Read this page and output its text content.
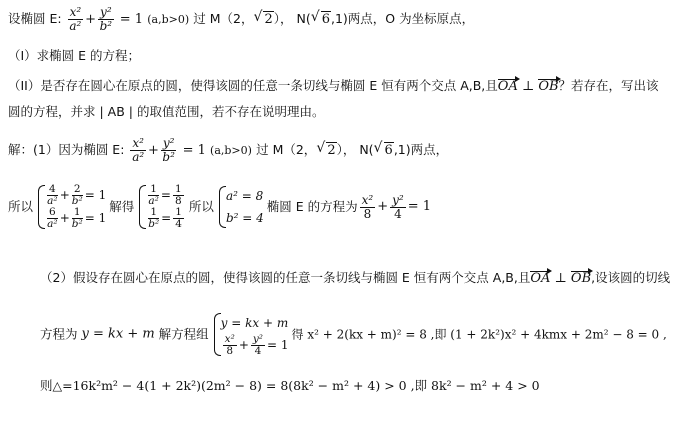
设椭圆 E: $\frac{\text{x²}}{\text{a²}} + \frac{\text{y²}}{\text{b²}} = 1$ (a,b>0) 过 M（2， √ 2）， N( √ 6,1)两点，O 为坐标原点，
（I）求椭圆 E 的方程；
（II）是否存在圆心在原点的圆，使得该圆的任意一条切线与椭圆 E 恒有两个交点 A,B,且OA ⊥ OB？若存在，写出该
圆的方程，并求 | AB | 的取值范围，若不存在说明理由。
解：(1）因为椭圆 E: $\frac{\text{x²}}{\text{a²}} + \frac{\text{y²}}{\text{b²}} = 1$ (a,b>0) 过 M（2， √ 2）， N( √ 6,1)两点，
所以 $\frac{4}{\text{a²}} + \frac{2}{\text{b²}} = 1$
$\frac{6}{\text{a²}} + \frac{1}{\text{b²}} = 1$
解得 $\frac{1}{\text{a²}} = \frac{1}{8}$
$\frac{1}{\text{b²}} = \frac{1}{4}$
所以
a² = 8
b² = 4
椭圆 E 的方程为 $\frac{\text{x²}}{8} + \frac{\text{y²}}{4} = 1$
（2）假设存在圆心在原点的圆，使得该圆的任意一条切线与椭圆 E 恒有两个交点 A,B,且OA ⊥ OB,设该圆的切线
方程为 y = kx + m 解方程组
y = kx + m
$\frac{\text{x²}}{8} + \frac{\text{y²}}{4} = 1$
得 x² + 2(kx + m)² = 8 ,即 (1 + 2k²)x² + 4kmx + 2m² − 8 = 0 ,
则△=16k²m² − 4(1 + 2k²)(2m² − 8) = 8(8k² − m² + 4) > 0 ,即 8k² − m² + 4 > 0
